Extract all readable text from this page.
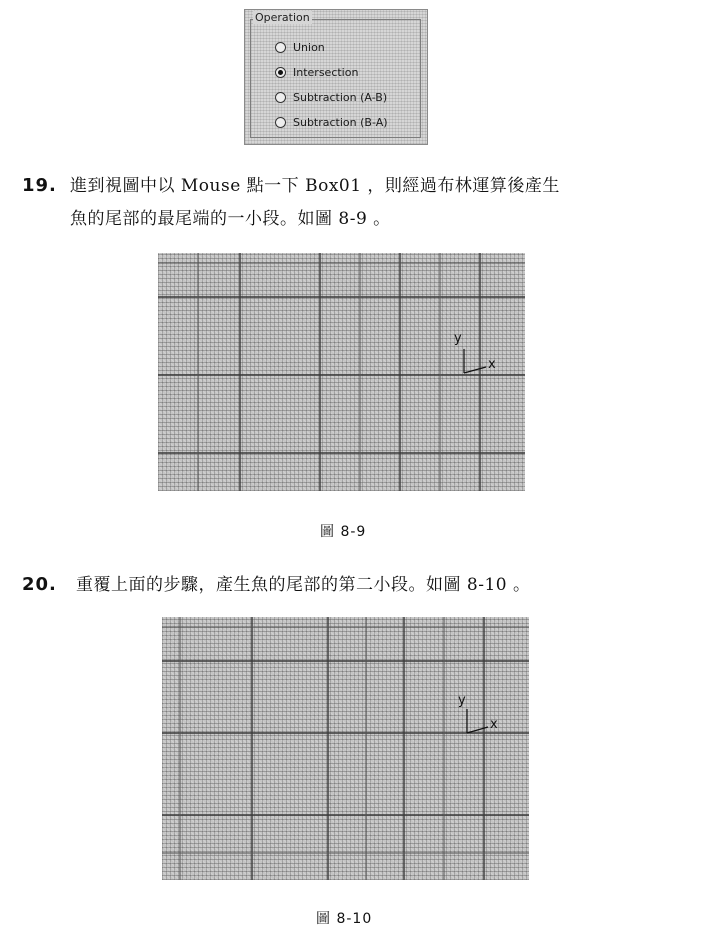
Operation
Union
Intersection
Subtraction (A-B)
Subtraction (B-A)
19. 進到視圖中以 Mouse 點一下 Box01 ，則經過布林運算後產生
魚的尾部的最尾端的一小段。如圖 8-9 。
y
x
圖 8-9
20. 重覆上面的步驟，產生魚的尾部的第二小段。如圖 8-10 。
y
x
圖 8-10
